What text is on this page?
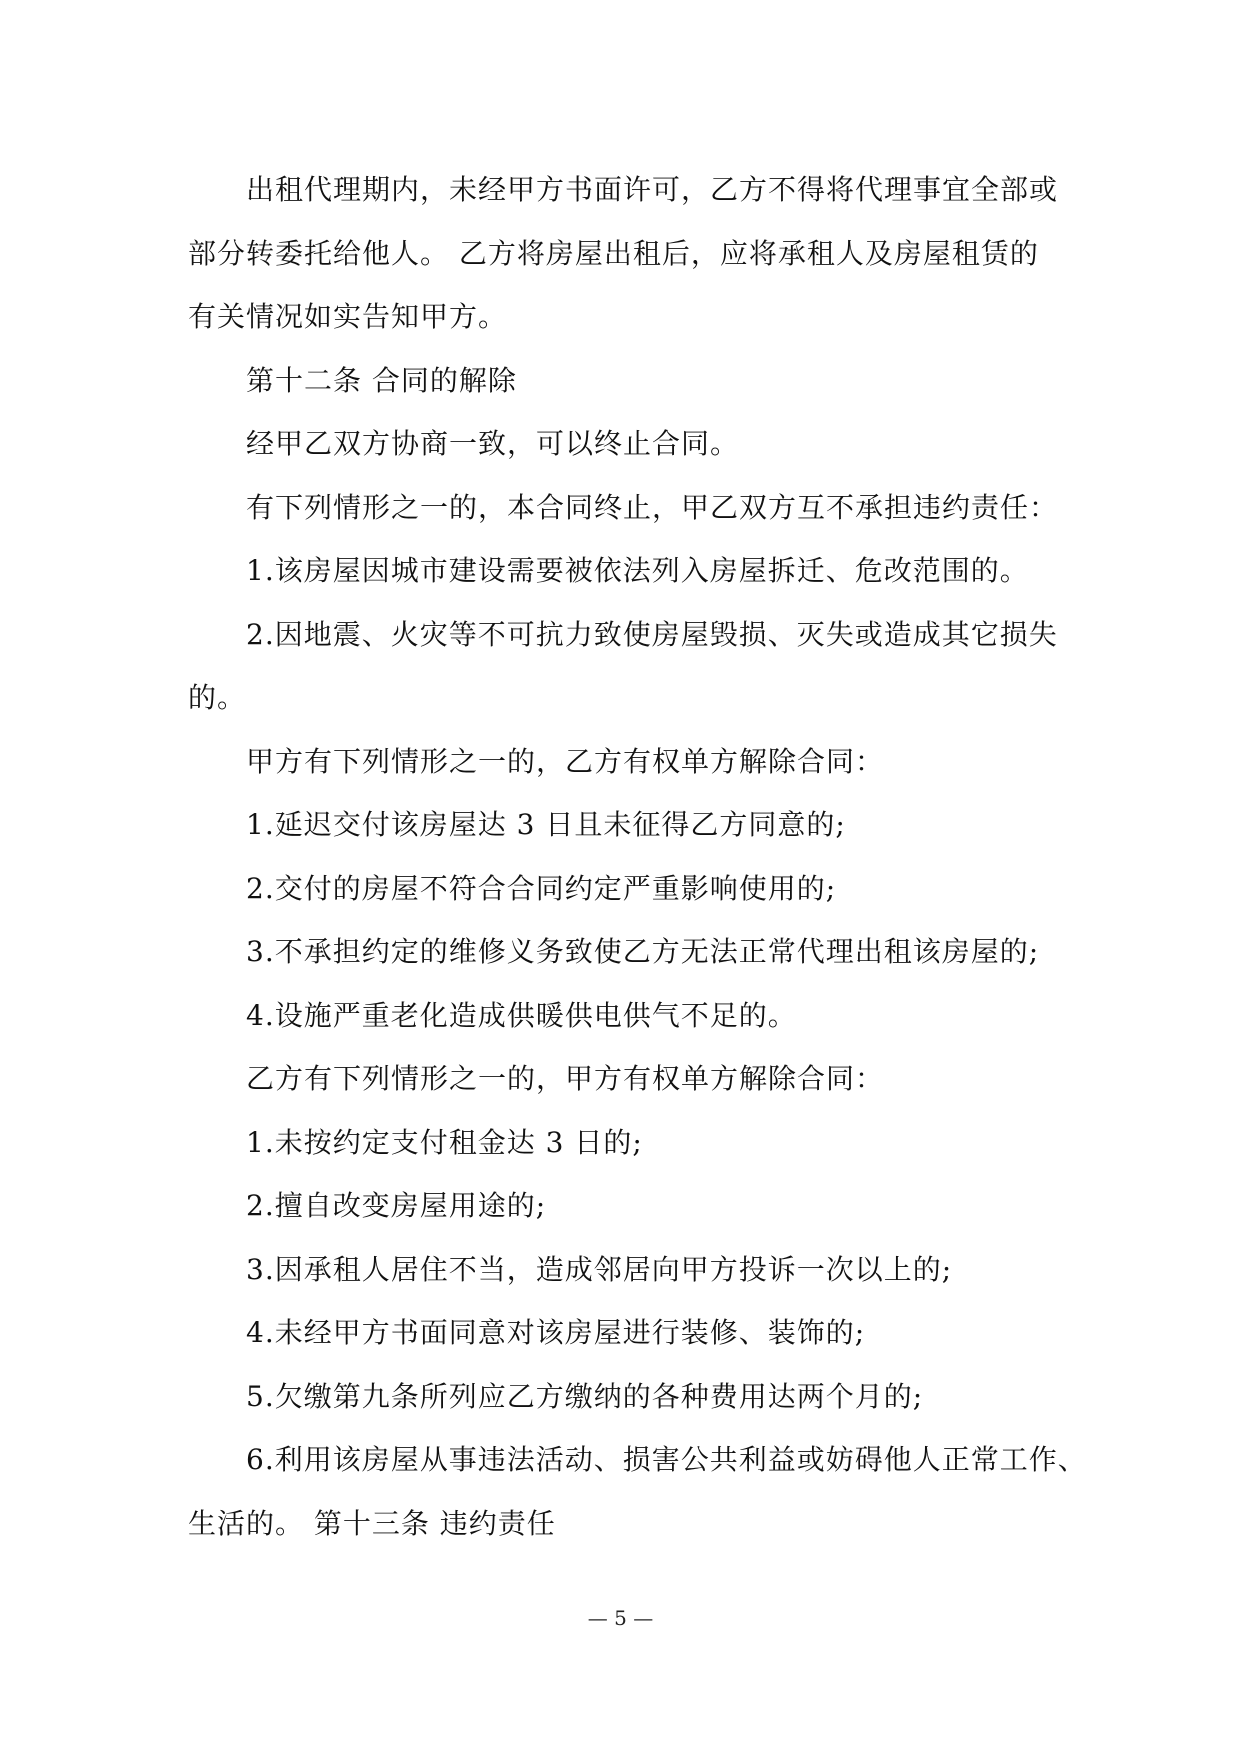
出租代理期内，未经甲方书面许可，乙方不得将代理事宜全部或
部分转委托给他人。 乙方将房屋出租后，应将承租人及房屋租赁的
有关情况如实告知甲方。
第十二条 合同的解除
经甲乙双方协商一致，可以终止合同。
有下列情形之一的，本合同终止，甲乙双方互不承担违约责任：
1.该房屋因城市建设需要被依法列入房屋拆迁、危改范围的。
2.因地震、火灾等不可抗力致使房屋毁损、灭失或造成其它损失
的。
甲方有下列情形之一的，乙方有权单方解除合同：
1.延迟交付该房屋达 3 日且未征得乙方同意的;
2.交付的房屋不符合合同约定严重影响使用的;
3.不承担约定的维修义务致使乙方无法正常代理出租该房屋的;
4.设施严重老化造成供暖供电供气不足的。
乙方有下列情形之一的，甲方有权单方解除合同：
1.未按约定支付租金达 3 日的;
2.擅自改变房屋用途的;
3.因承租人居住不当，造成邻居向甲方投诉一次以上的;
4.未经甲方书面同意对该房屋进行装修、装饰的;
5.欠缴第九条所列应乙方缴纳的各种费用达两个月的;
6.利用该房屋从事违法活动、损害公共利益或妨碍他人正常工作、
生活的。 第十三条 违约责任
— 5 —
